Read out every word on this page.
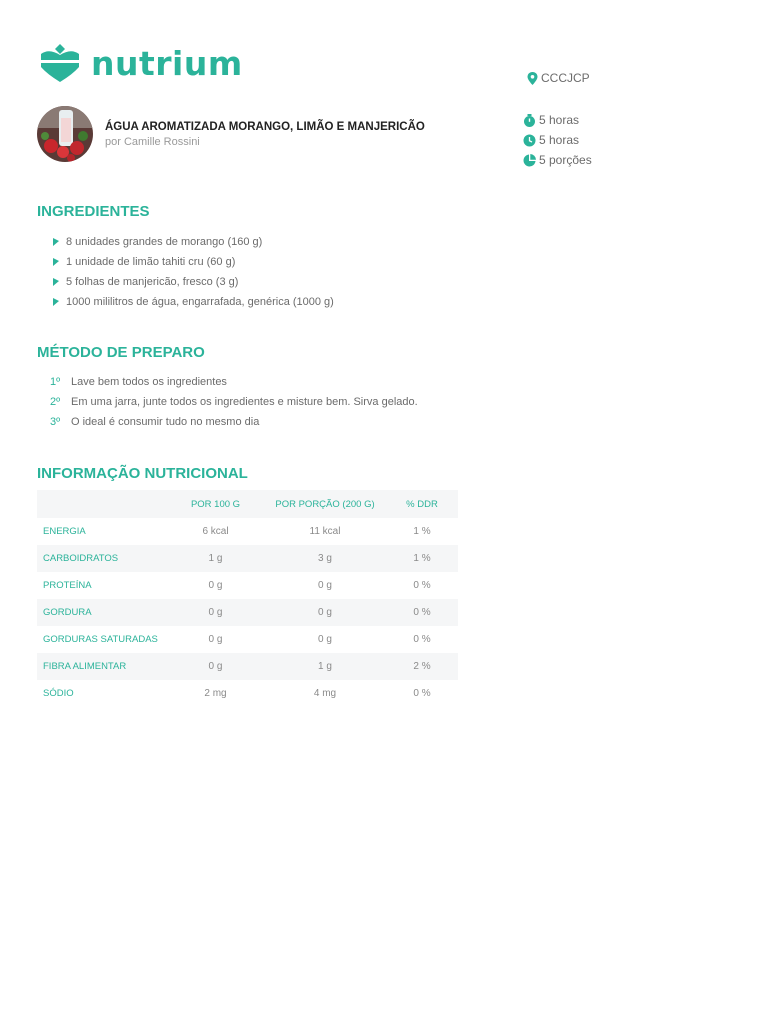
nutrium	CCCJCP
5 horas
5 horas
5 porções
ÁGUA AROMATIZADA MORANGO, LIMÃO E MANJERICÃO
por Camille Rossini
INGREDIENTES
8 unidades grandes de morango (160 g)
1 unidade de limão tahiti cru (60 g)
5 folhas de manjericão, fresco (3 g)
1000 mililitros de água, engarrafada, genérica (1000 g)
MÉTODO DE PREPARO
1º Lave bem todos os ingredientes
2º Em uma jarra, junte todos os ingredientes e misture bem. Sirva gelado.
3º O ideal é consumir tudo no mesmo dia
INFORMAÇÃO NUTRICIONAL
	POR 100 G	POR PORÇÃO (200 G)	% DDR
ENERGIA	6 kcal	11 kcal	1 %
CARBOIDRATOS	1 g	3 g	1 %
PROTEÍNA	0 g	0 g	0 %
GORDURA	0 g	0 g	0 %
GORDURAS SATURADAS	0 g	0 g	0 %
FIBRA ALIMENTAR	0 g	1 g	2 %
SÓDIO	2 mg	4 mg	0 %
